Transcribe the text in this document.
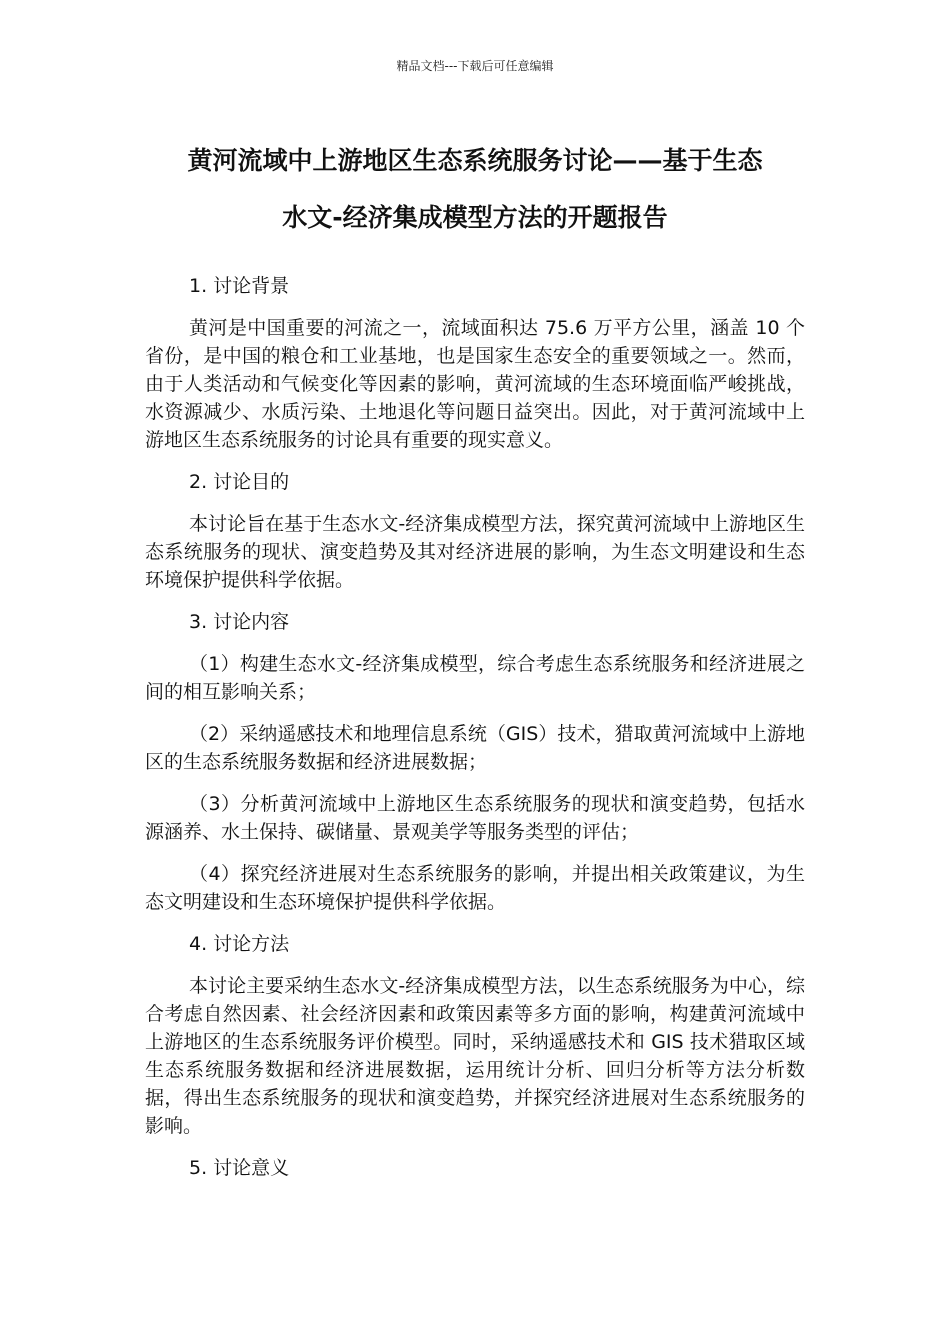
精品文档---下载后可任意编辑
黄河流域中上游地区生态系统服务讨论——基于生态
水文-经济集成模型方法的开题报告

1. 讨论背景

黄河是中国重要的河流之一，流域面积达 75.6 万平方公里，涵盖 10 个省份，是中国的粮仓和工业基地，也是国家生态安全的重要领域之一。然而，由于人类活动和气候变化等因素的影响，黄河流域的生态环境面临严峻挑战，水资源减少、水质污染、土地退化等问题日益突出。因此，对于黄河流域中上游地区生态系统服务的讨论具有重要的现实意义。

2. 讨论目的

本讨论旨在基于生态水文-经济集成模型方法，探究黄河流域中上游地区生态系统服务的现状、演变趋势及其对经济进展的影响，为生态文明建设和生态环境保护提供科学依据。

3. 讨论内容

（1）构建生态水文-经济集成模型，综合考虑生态系统服务和经济进展之间的相互影响关系；

（2）采纳遥感技术和地理信息系统（GIS）技术，猎取黄河流域中上游地区的生态系统服务数据和经济进展数据；

（3）分析黄河流域中上游地区生态系统服务的现状和演变趋势，包括水源涵养、水土保持、碳储量、景观美学等服务类型的评估；

（4）探究经济进展对生态系统服务的影响，并提出相关政策建议，为生态文明建设和生态环境保护提供科学依据。

4. 讨论方法

本讨论主要采纳生态水文-经济集成模型方法，以生态系统服务为中心，综合考虑自然因素、社会经济因素和政策因素等多方面的影响，构建黄河流域中上游地区的生态系统服务评价模型。同时，采纳遥感技术和 GIS 技术猎取区域生态系统服务数据和经济进展数据，运用统计分析、回归分析等方法分析数据，得出生态系统服务的现状和演变趋势，并探究经济进展对生态系统服务的影响。

5. 讨论意义
